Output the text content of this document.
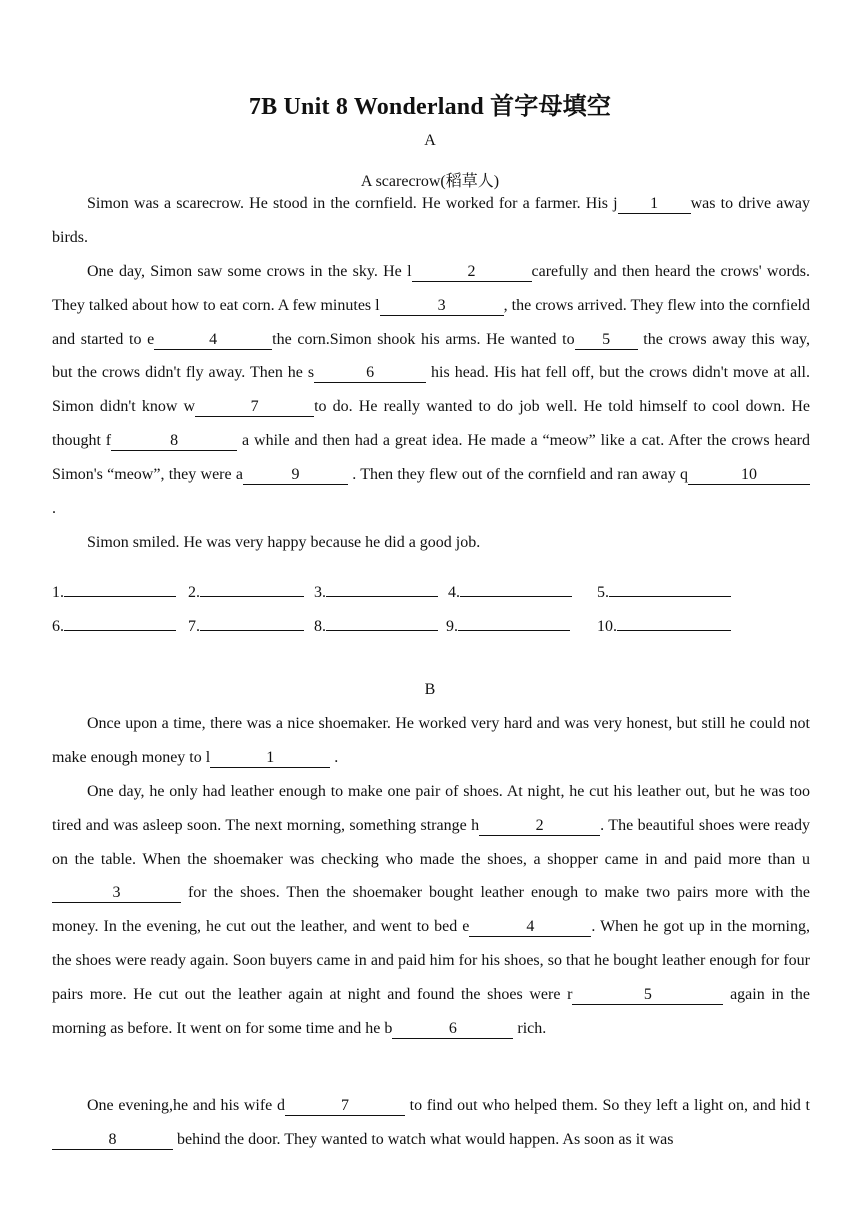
7B Unit 8 Wonderland 首字母填空
A
A scarecrow(稻草人)

Simon was a scarecrow. He stood in the cornfield. He worked for a farmer. His j 1 was to drive away birds.

One day, Simon saw some crows in the sky. He l	2	carefully and then heard the crows' words. They talked about how to eat corn. A few minutes l	3	, the crows arrived. They flew into the cornfield and started to e	4	the corn.Simon shook his arms. He wanted to 5 the crows away this way, but the crows didn't fly away. Then he s	6	his head. His hat fell off, but the crows didn't move at all. Simon didn't know w	7	to do. He really wanted to do job well. He told himself to cool down. He thought f	8	a while and then had a great idea. He made a “meow” like a cat. After the crows heard Simon's “meow”, they were a	9	. Then they flew out of the cornfield and ran away q	10 .

Simon smiled. He was very happy because he did a good job.

1.	2.	3.	4.	5.
6.	7.	8.	9.	10.
B

Once upon a time, there was a nice shoemaker. He worked very hard and was very honest, but still he could not make enough money to l	1	.

One day, he only had leather enough to make one pair of shoes. At night, he cut his leather out, but he was too tired and was asleep soon. The next morning, something strange h	2	. The beautiful shoes were ready on the table. When the shoemaker was checking who made the shoes, a shopper came in and paid more than u3	for the shoes. Then the shoemaker bought leather enough to make two pairs more with the money. In the evening, he cut out the leather, and went to bed e	4	. When he got up in the morning, the shoes were ready again. Soon buyers came in and paid him for his shoes, so that he bought leather enough for four pairs more. He cut out the leather again at night and found the shoes were r	5	again in the morning as before. It went on for some time and he b	6	rich.

One evening,he and his wife d	7	to find out who helped them. So they left a light on, and hid t8	behind the door. They wanted to watch what would happen. As soon as it was
